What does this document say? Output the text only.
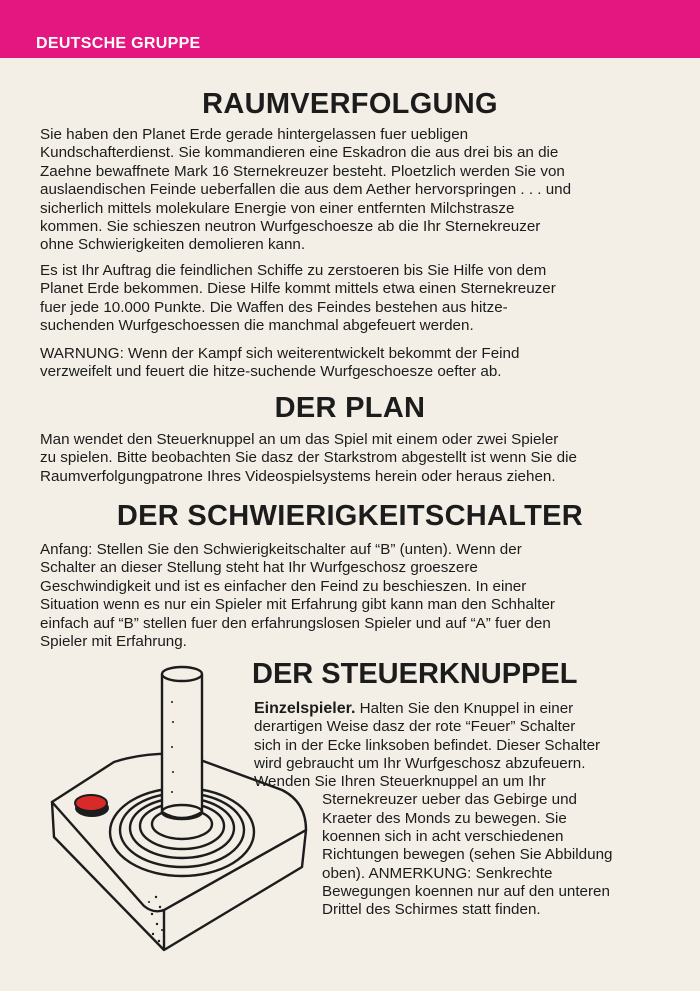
DEUTSCHE GRUPPE
RAUMVERFOLGUNG

Sie haben den Planet Erde gerade hintergelassen fuer uebligen
Kundschafterdienst. Sie kommandieren eine Eskadron die aus drei bis an die
Zaehne bewaffnete Mark 16 Sternekreuzer besteht. Ploetzlich werden Sie von
auslaendischen Feinde ueberfallen die aus dem Aether hervorspringen . . . und
sicherlich mittels molekulare Energie von einer entfernten Milchstrasze
kommen. Sie schieszen neutron Wurfgeschoesze ab die Ihr Sternekreuzer
ohne Schwierigkeiten demolieren kann.

Es ist Ihr Auftrag die feindlichen Schiffe zu zerstoeren bis Sie Hilfe von dem
Planet Erde bekommen. Diese Hilfe kommt mittels etwa einen Sternekreuzer
fuer jede 10.000 Punkte. Die Waffen des Feindes bestehen aus hitze-
suchenden Wurfgeschoessen die manchmal abgefeuert werden.

WARNUNG: Wenn der Kampf sich weiterentwickelt bekommt der Feind
verzweifelt und feuert die hitze-suchende Wurfgeschoesze oefter ab.

DER PLAN

Man wendet den Steuerknuppel an um das Spiel mit einem oder zwei Spieler
zu spielen. Bitte beobachten Sie dasz der Starkstrom abgestellt ist wenn Sie die
Raumverfolgungpatrone Ihres Videospielsystems herein oder heraus ziehen.

DER SCHWIERIGKEITSCHALTER

Anfang: Stellen Sie den Schwierigkeitschalter auf “B” (unten). Wenn der
Schalter an dieser Stellung steht hat Ihr Wurfgeschosz groeszere
Geschwindigkeit und ist es einfacher den Feind zu beschieszen. In einer
Situation wenn es nur ein Spieler mit Erfahrung gibt kann man den Schhalter
einfach auf “B” stellen fuer den erfahrungslosen Spieler und auf “A” fuer den
Spieler mit Erfahrung.

DER STEUERKNUPPEL
Einzelspieler. Halten Sie den Knuppel in einer
derartigen Weise dasz der rote “Feuer” Schalter
sich in der Ecke linksoben befindet. Dieser Schalter
wird gebraucht um Ihr Wurfgeschosz abzufeuern.
Wenden Sie Ihren Steuerknuppel an um Ihr
Sternekreuzer ueber das Gebirge und
Kraeter des Monds zu bewegen. Sie
koennen sich in acht verschiedenen
Richtungen bewegen (sehen Sie Abbildung
oben). ANMERKUNG: Senkrechte
Bewegungen koennen nur auf den unteren
Drittel des Schirmes statt finden.
